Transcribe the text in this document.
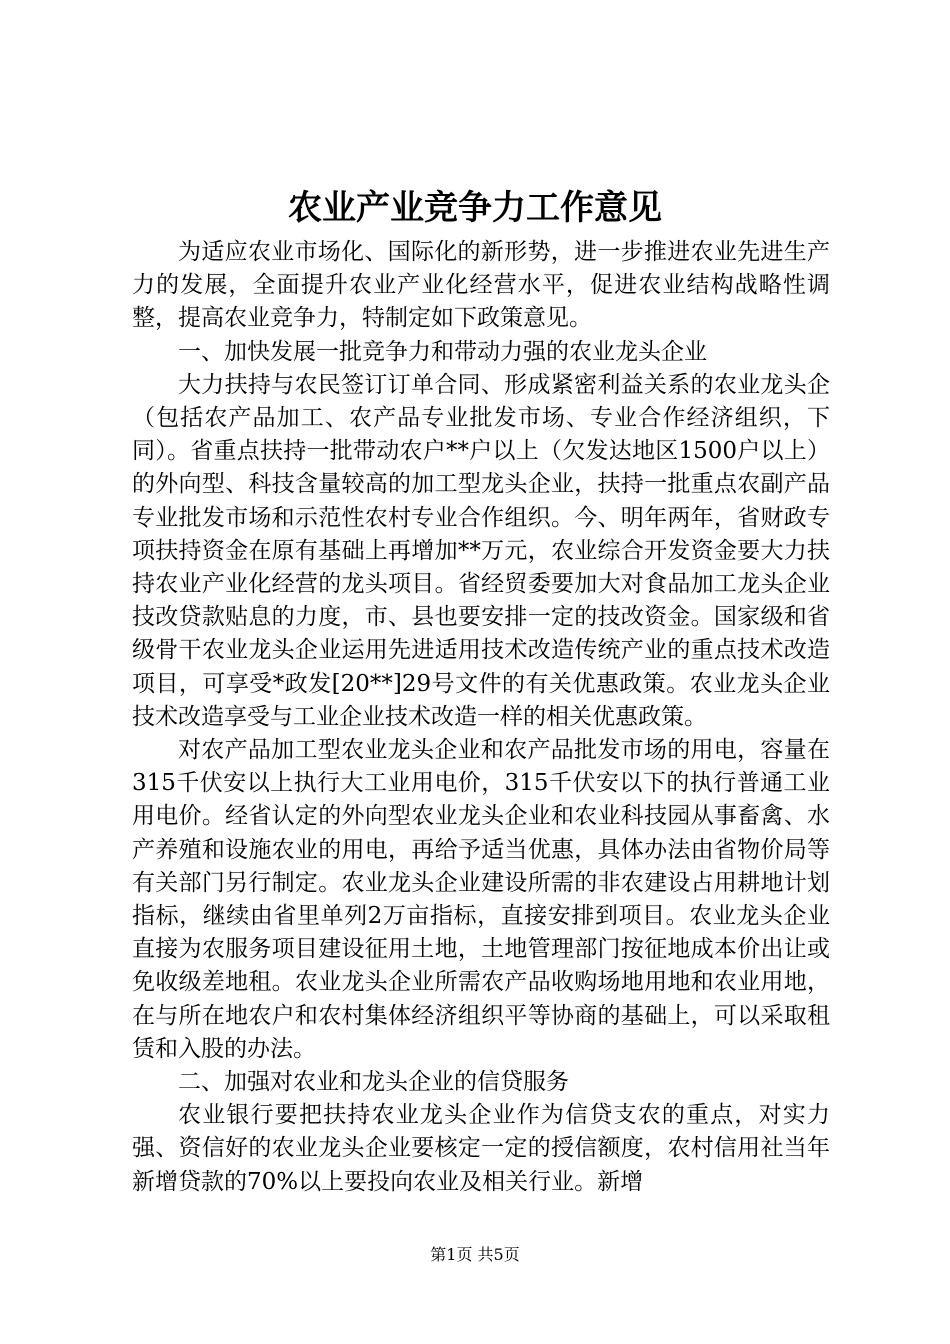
农业产业竞争力工作意见

为适应农业市场化、国际化的新形势，进一步推进农业先进生产力的发展，全面提升农业产业化经营水平，促进农业结构战略性调整，提高农业竞争力，特制定如下政策意见。

一、加快发展一批竞争力和带动力强的农业龙头企业

大力扶持与农民签订订单合同、形成紧密利益关系的农业龙头企（包括农产品加工、农产品专业批发市场、专业合作经济组织，下同）。省重点扶持一批带动农户**户以上（欠发达地区1500户以上）的外向型、科技含量较高的加工型龙头企业，扶持一批重点农副产品专业批发市场和示范性农村专业合作组织。今、明年两年，省财政专项扶持资金在原有基础上再增加**万元，农业综合开发资金要大力扶持农业产业化经营的龙头项目。省经贸委要加大对食品加工龙头企业技改贷款贴息的力度，市、县也要安排一定的技改资金。国家级和省级骨干农业龙头企业运用先进适用技术改造传统产业的重点技术改造项目，可享受*政发[20**]29号文件的有关优惠政策。农业龙头企业技术改造享受与工业企业技术改造一样的相关优惠政策。

对农产品加工型农业龙头企业和农产品批发市场的用电，容量在315千伏安以上执行大工业用电价，315千伏安以下的执行普通工业用电价。经省认定的外向型农业龙头企业和农业科技园从事畜禽、水产养殖和设施农业的用电，再给予适当优惠，具体办法由省物价局等有关部门另行制定。农业龙头企业建设所需的非农建设占用耕地计划指标，继续由省里单列2万亩指标，直接安排到项目。农业龙头企业直接为农服务项目建设征用土地，土地管理部门按征地成本价出让或免收级差地租。农业龙头企业所需农产品收购场地用地和农业用地，在与所在地农户和农村集体经济组织平等协商的基础上，可以采取租赁和入股的办法。

二、加强对农业和龙头企业的信贷服务

农业银行要把扶持农业龙头企业作为信贷支农的重点，对实力强、资信好的农业龙头企业要核定一定的授信额度，农村信用社当年新增贷款的70%以上要投向农业及相关行业。新增

第1页 共5页
